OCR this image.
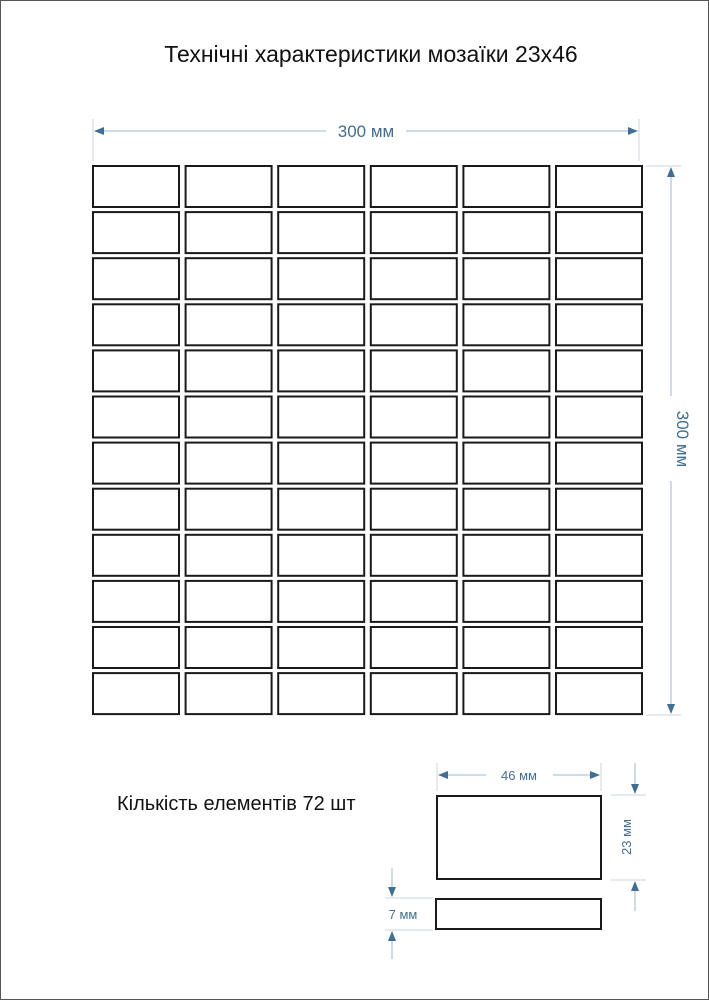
Технічні характеристики мозаїки 23x46
300 мм
300 мм
46 мм
23 мм
7 мм
Кількість елементів 72 шт
